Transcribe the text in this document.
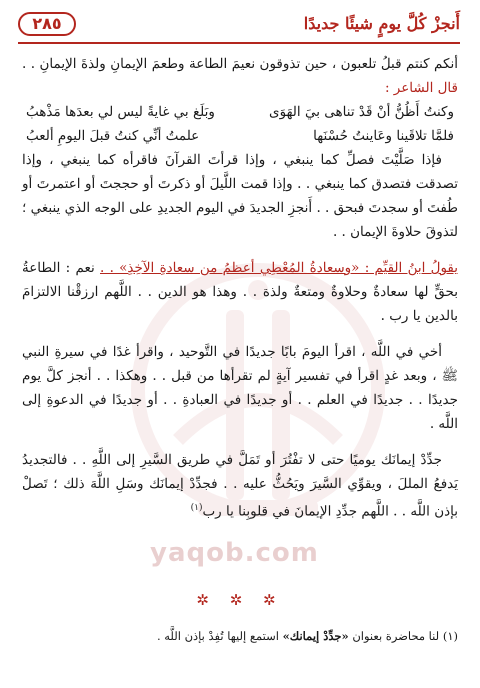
أَنجزْ كُلَّ يومٍ شيئًا جديدًا
٢٨٥
yaqob.com

أنكم كنتم قبلُ تلعبون ، حين تذوقون نعيمَ الطاعة وطعمَ الإيمانِ ولذةَ الإيمانِ . . قال الشاعر :

وكنتُ أَظُنُّ أنْ قَدْ تناهى بيَ الهَوَى
وبَلَغ بي غايةً ليس لي بعدَها مَذْهبُ
فلمَّا تلاقَينا وعَاينتُ حُسْنَها
علمتُ أنِّي كنتُ قبلَ اليومِ ألعبُ

فإذا صَلَّيْتَ فصلِّ كما ينبغي ، وإذا قرأتَ القرآنَ فاقرأه كما ينبغي ، وإذا تصدقت فتصدق كما ينبغي . . وإذا قمت اللَّيلَ أو ذكرتَ أو حججتَ أو اعتمرتَ أو طُفتَ أو سجدتَ فبحق . . أَنجزِ الجديدَ في اليوم الجديدِ على الوجه الذي ينبغي ؛ لتذوقَ حلاوةَ الإيمان . .

يقولُ ابنُ القيِّم : «وسعادةُ المُعْطِي أعظمُ من سعادةِ الآخِذِ» . . نعم : الطاعةُ بحقٍّ لها سعادةٌ وحلاوةٌ ومتعةٌ ولذة . . وهذا هو الدين . . اللَّهم ارزقْنا الالتزامَ بالدين يا رب .

أخي في اللَّه ، اقرأ اليومَ بابًا جديدًا في التَّوحيد ، واقرأ غدًا في سيرةِ النبي ﷺ ، وبعد غدٍ اقرأ في تفسير آيةٍ لم تقرأها من قبل . . وهكذا . . أنجز كلَّ يوم جديدًا . . جديدًا في العلم . . أو جديدًا في العبادةِ . . أو جديدًا في الدعوةِ إلى اللَّه .

جدِّدْ إيمانَك يوميًا حتى لا تفْتُرَ أو تَمَلَّ في طريق السَّيرِ إلى اللَّهِ . . فالتجديدُ يَدفعُ المللَ ، ويقوِّي السَّيرَ ويَحُثُّ عليه . . فجدِّدْ إيمانَك وسَلِ اللَّهَ ذلك ؛ تَصلْ بإذن اللَّه . . اللَّهم جدِّدِ الإيمانَ في قلوبِنا يا رب$^{(١)}$

✲ ✲ ✲
(١) لنا محاضرة بعنوان «جدِّدْ إيمانك» استمع إليها تُفِدْ بإذن اللَّه .
